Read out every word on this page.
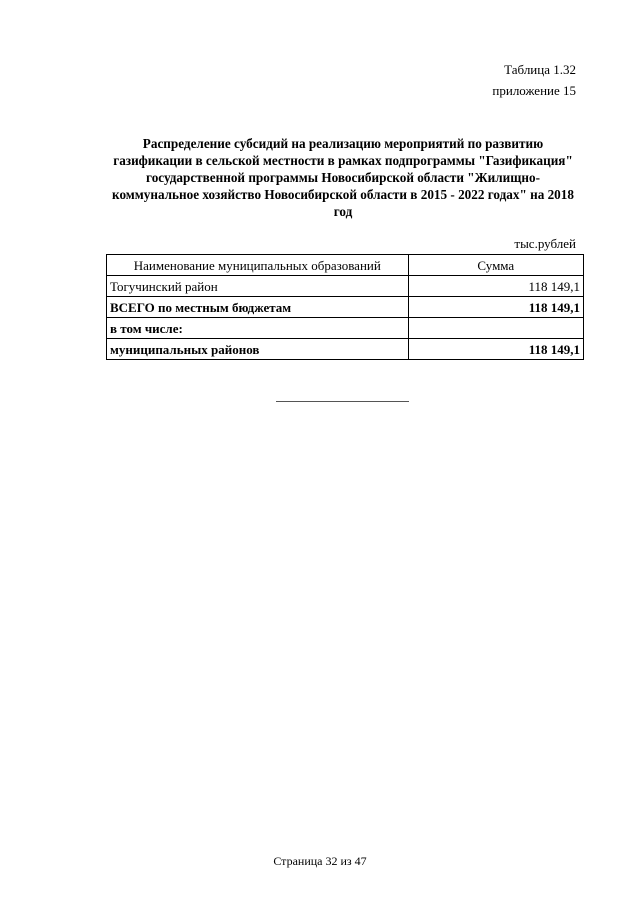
Таблица 1.32
приложение 15
Распределение субсидий на реализацию мероприятий по развитию газификации в сельской местности в рамках подпрограммы "Газификация" государственной программы Новосибирской области "Жилищно-коммунальное хозяйство Новосибирской области в 2015 - 2022 годах" на 2018 год
тыс.рублей
Наименование муниципальных образований	Сумма
Тогучинский район	118 149,1
ВСЕГО по местным бюджетам	118 149,1
в том числе:	
муниципальных районов	118 149,1
Страница 32 из 47
